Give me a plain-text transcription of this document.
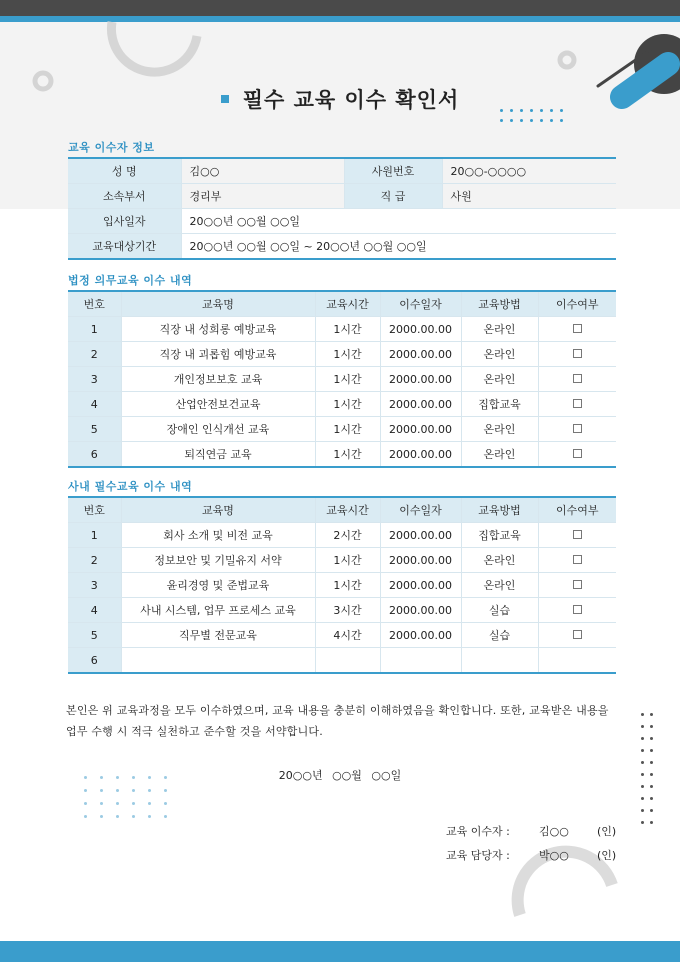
필수 교육 이수 확인서
교육 이수자 정보
성 명	김○○	사원번호	20○○-○○○○
소속부서	경리부	직 급	사원
입사일자	20○○년 ○○월 ○○일		
교육대상기간	20○○년 ○○월 ○○일 ~ 20○○년 ○○월 ○○일		
법정 의무교육 이수 내역
번호	교육명	교육시간	이수일자	교육방법	이수여부
1	직장 내 성희롱 예방교육	1시간	2000.00.00	온라인	
2	직장 내 괴롭힘 예방교육	1시간	2000.00.00	온라인	
3	개인정보보호 교육	1시간	2000.00.00	온라인	
4	산업안전보건교육	1시간	2000.00.00	집합교육	
5	장애인 인식개선 교육	1시간	2000.00.00	온라인	
6	퇴직연금 교육	1시간	2000.00.00	온라인	
사내 필수교육 이수 내역
번호	교육명	교육시간	이수일자	교육방법	이수여부
1	회사 소개 및 비전 교육	2시간	2000.00.00	집합교육	
2	정보보안 및 기밀유지 서약	1시간	2000.00.00	온라인	
3	윤리경영 및 준법교육	1시간	2000.00.00	온라인	
4	사내 시스템, 업무 프로세스 교육	3시간	2000.00.00	실습	
5	직무별 전문교육	4시간	2000.00.00	실습	
6					
본인은 위 교육과정을 모두 이수하였으며, 교육 내용을 충분히 이해하였음을 확인합니다. 또한, 교육받은 내용을 업무 수행 시 적극 실천하고 준수할 것을 서약합니다.
20○○년 ○○월 ○○일
교육 이수자 :	김○○	(인)
교육 담당자 :	박○○	(인)
